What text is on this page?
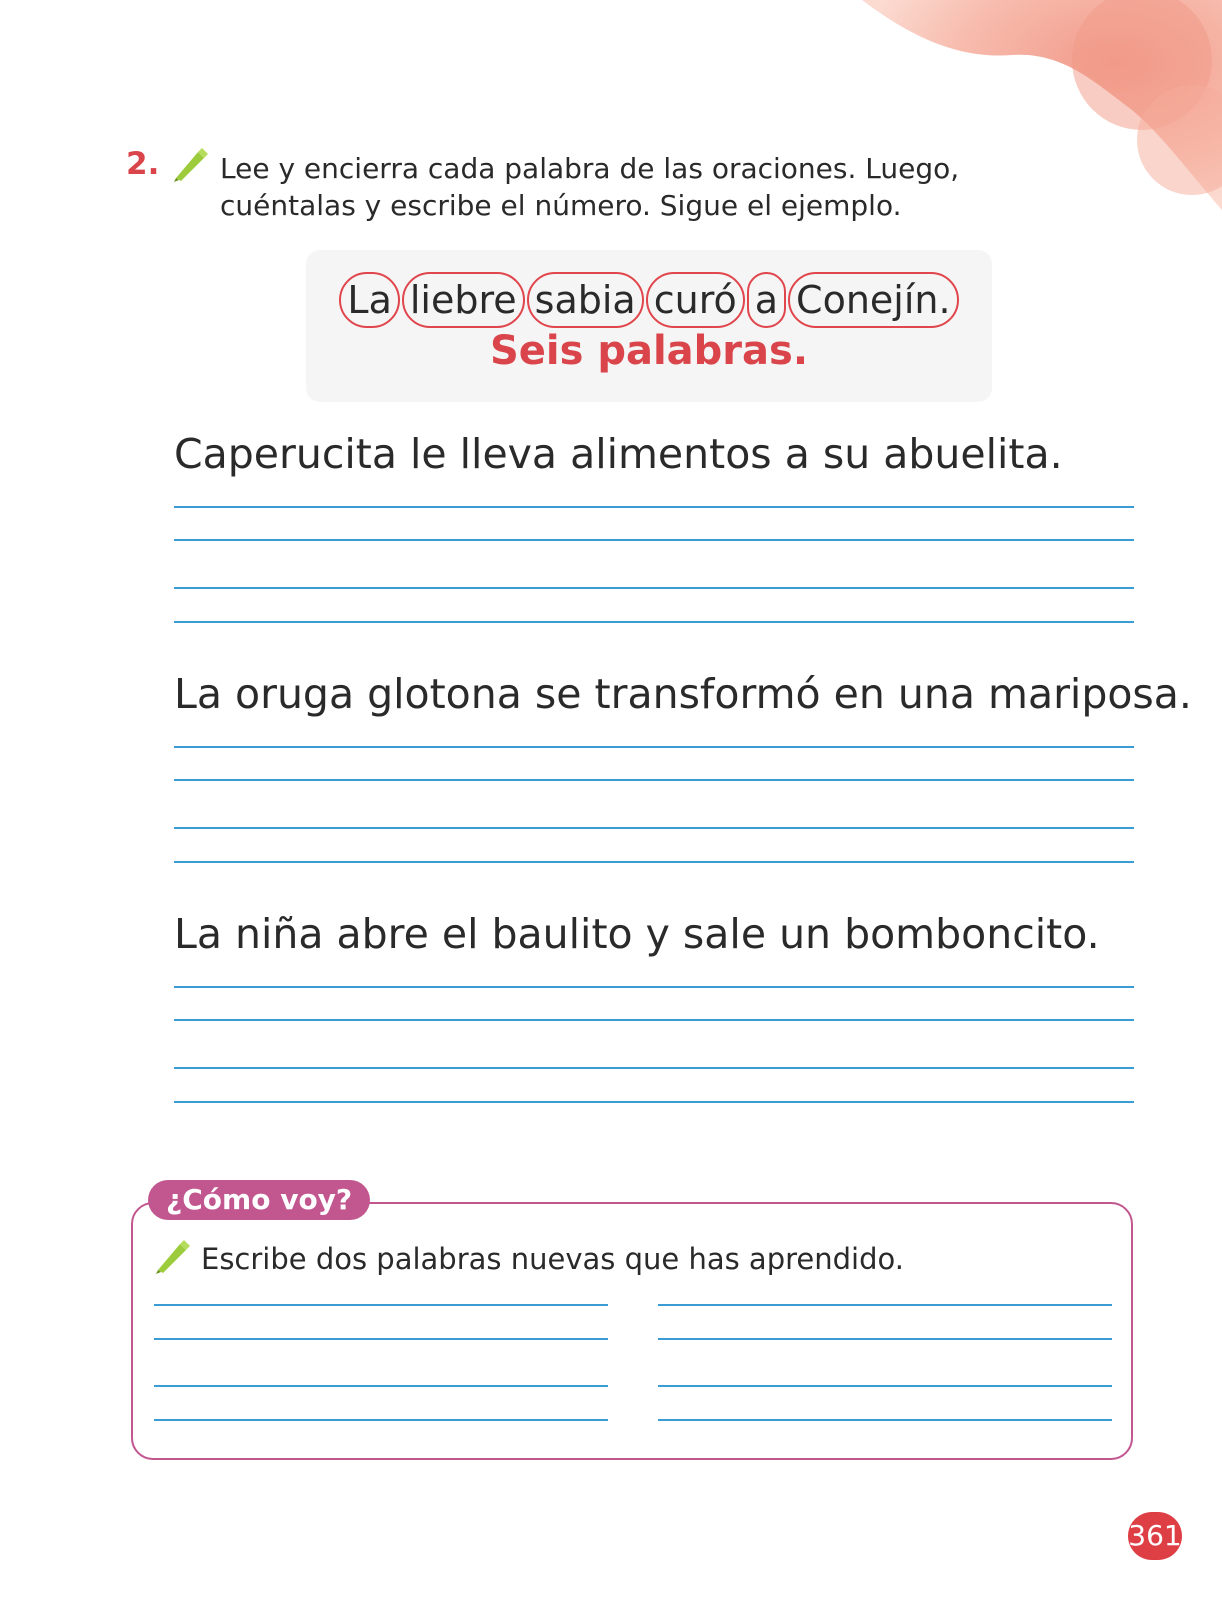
2. Lee y encierra cada palabra de las oraciones. Luego,
cuéntalas y escribe el número. Sigue el ejemplo.
La liebre sabia curó a Conejín.
Seis palabras.
Caperucita le lleva alimentos a su abuelita.
La oruga glotona se transformó en una mariposa.
La niña abre el baulito y sale un bomboncito.
¿Cómo voy?
Escribe dos palabras nuevas que has aprendido.
361
